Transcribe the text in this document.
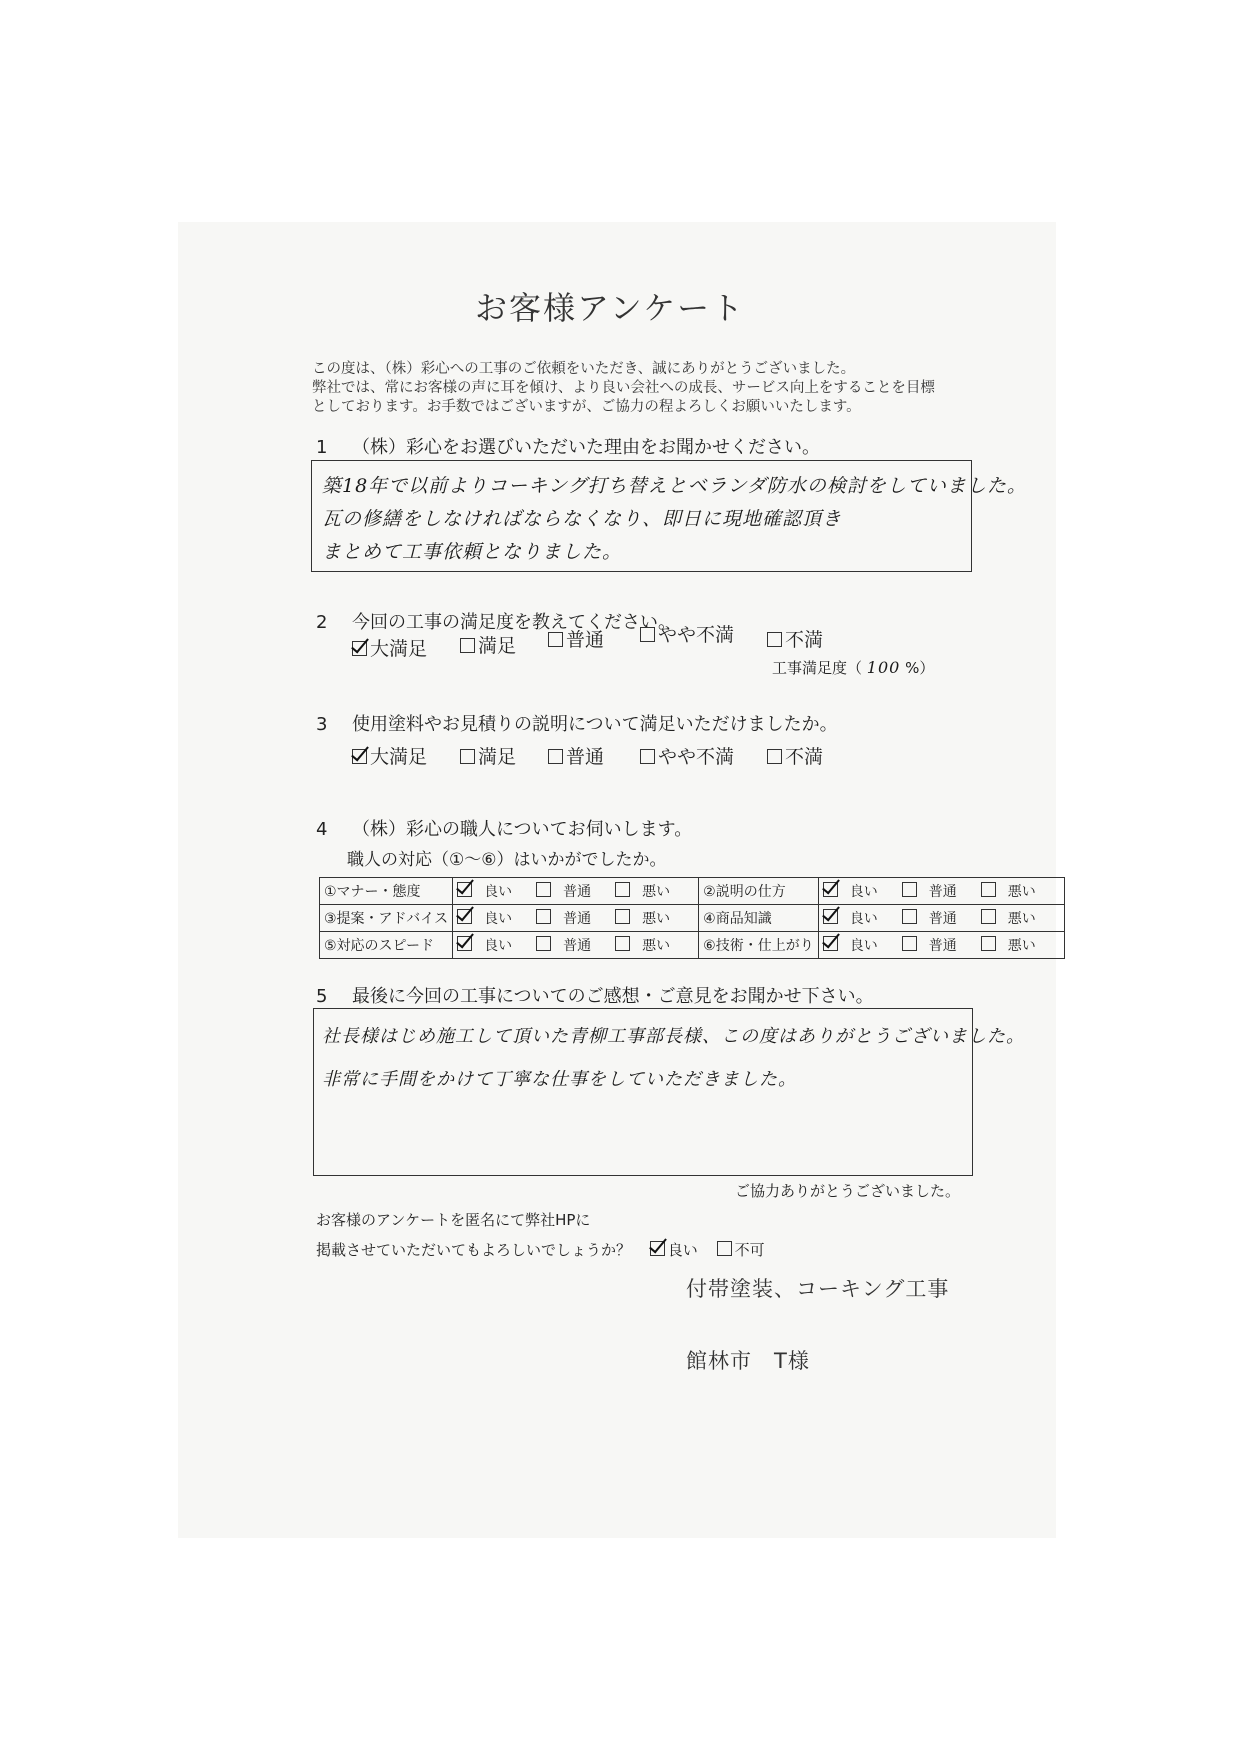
お客様アンケート
この度は、（株）彩心への工事のご依頼をいただき、誠にありがとうございました。
弊社では、常にお客様の声に耳を傾け、より良い会社への成長、サービス向上をすることを目標
としております。お手数ではございますが、ご協力の程よろしくお願いいたします。
1 （株）彩心をお選びいただいた理由をお聞かせください。
築18年で以前よりコーキング打ち替えとベランダ防水の検討をしていました。
瓦の修繕をしなければならなくなり、即日に現地確認頂き
まとめて工事依頼となりました。
2 今回の工事の満足度を教えてください。
大満足	満足	普通	やや不満	不満
工事満足度（ 100 %）
3 使用塗料やお見積りの説明について満足いただけましたか。
大満足	満足	普通	やや不満	不満
4 （株）彩心の職人についてお伺いします。
職人の対応（①〜⑥）はいかがでしたか。
①マナー・態度	良い 普通 悪い	②説明の仕方	良い 普通 悪い
③提案・アドバイス	良い 普通 悪い	④商品知識	良い 普通 悪い
⑤対応のスピード	良い 普通 悪い	⑥技術・仕上がり	良い 普通 悪い
5 最後に今回の工事についてのご感想・ご意見をお聞かせ下さい。
社長様はじめ施工して頂いた青柳工事部長様、この度はありがとうございました。
非常に手間をかけて丁寧な仕事をしていただきました。
ご協力ありがとうございました。
お客様のアンケートを匿名にて弊社HPに
掲載させていただいてもよろしいでしょうか？ 良い 不可
付帯塗装、コーキング工事
館林市　T様
